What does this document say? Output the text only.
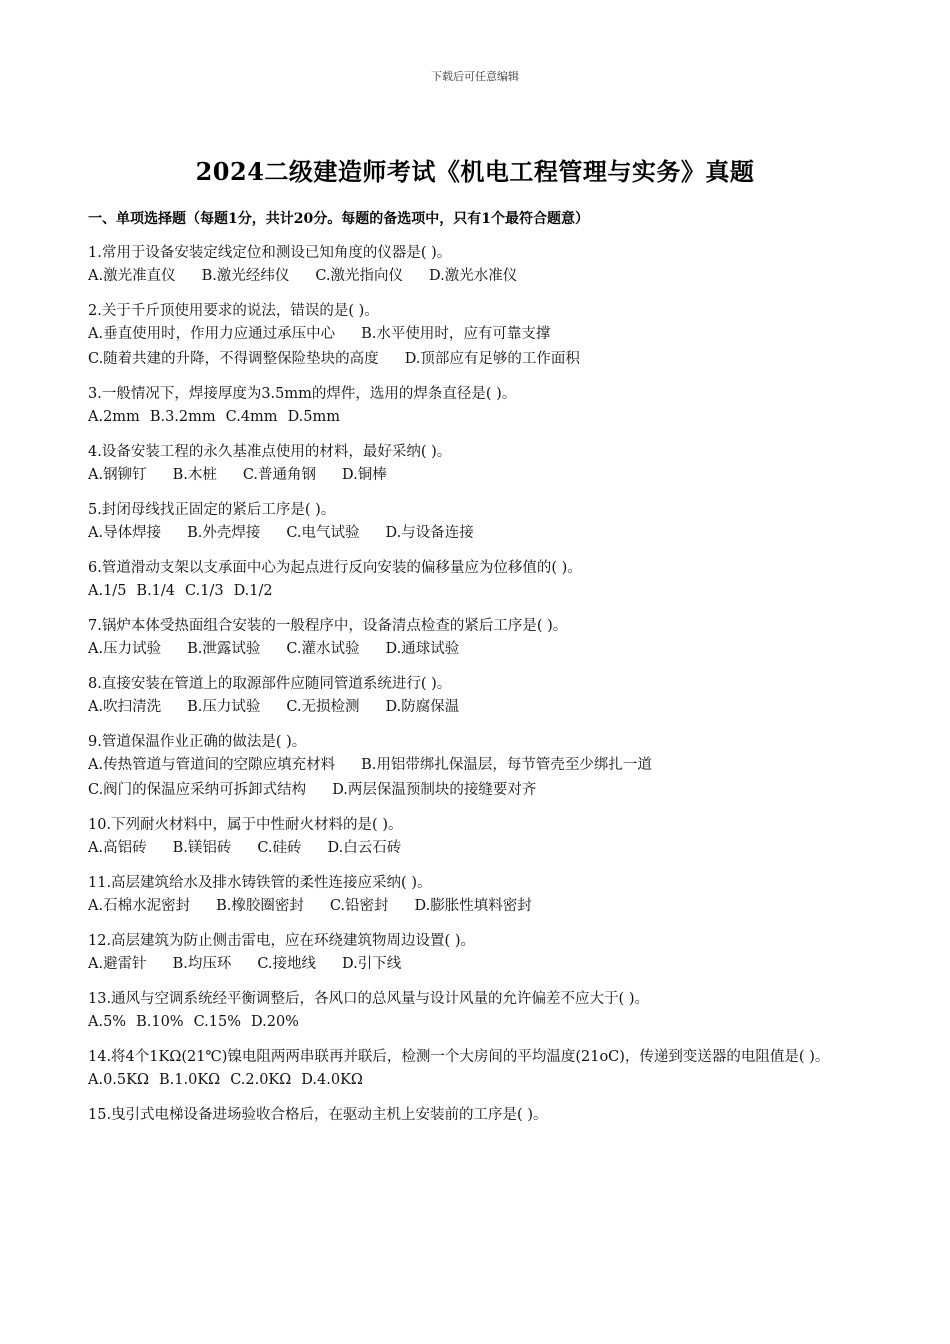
下载后可任意编辑
2024二级建造师考试《机电工程管理与实务》真题
一、单项选择题（每题1分，共计20分。每题的备选项中，只有1个最符合题意）
1.常用于设备安装定线定位和测设已知角度的仪器是( )。
A.激光准直仪 B.激光经纬仪 C.激光指向仪 D.激光水准仪
2.关于千斤顶使用要求的说法，错误的是( )。
A.垂直使用时，作用力应通过承压中心 B.水平使用时，应有可靠支撑
C.随着共建的升降，不得调整保险垫块的高度 D.顶部应有足够的工作面积
3.一般情况下，焊接厚度为3.5mm的焊件，选用的焊条直径是( )。
A.2mm B.3.2mm C.4mm D.5mm
4.设备安装工程的永久基准点使用的材料，最好采纳( )。
A.钢铆钉 B.木桩 C.普通角钢 D.铜棒
5.封闭母线找正固定的紧后工序是( )。
A.导体焊接 B.外壳焊接 C.电气试验 D.与设备连接
6.管道滑动支架以支承面中心为起点进行反向安装的偏移量应为位移值的( )。
A.1/5 B.1/4 C.1/3 D.1/2
7.锅炉本体受热面组合安装的一般程序中，设备清点检查的紧后工序是( )。
A.压力试验 B.泄露试验 C.灌水试验 D.通球试验
8.直接安装在管道上的取源部件应随同管道系统进行( )。
A.吹扫清洗 B.压力试验 C.无损检测 D.防腐保温
9.管道保温作业正确的做法是( )。
A.传热管道与管道间的空隙应填充材料 B.用铝带绑扎保温层，每节管壳至少绑扎一道
C.阀门的保温应采纳可拆卸式结构 D.两层保温预制块的接缝要对齐
10.下列耐火材料中，属于中性耐火材料的是( )。
A.高铝砖 B.镁铝砖 C.硅砖 D.白云石砖
11.高层建筑给水及排水铸铁管的柔性连接应采纳( )。
A.石棉水泥密封 B.橡胶圈密封 C.铅密封 D.膨胀性填料密封
12.高层建筑为防止侧击雷电，应在环绕建筑物周边设置( )。
A.避雷针 B.均压环 C.接地线 D.引下线
13.通风与空调系统经平衡调整后，各风口的总风量与设计风量的允许偏差不应大于( )。
A.5% B.10% C.15% D.20%
14.将4个1KΩ(21℃)镍电阻两两串联再并联后，检测一个大房间的平均温度(21oC)，传递到变送器的电阻值是( )。
A.0.5KΩ B.1.0KΩ C.2.0KΩ D.4.0KΩ
15.曳引式电梯设备进场验收合格后，在驱动主机上安装前的工序是( )。
